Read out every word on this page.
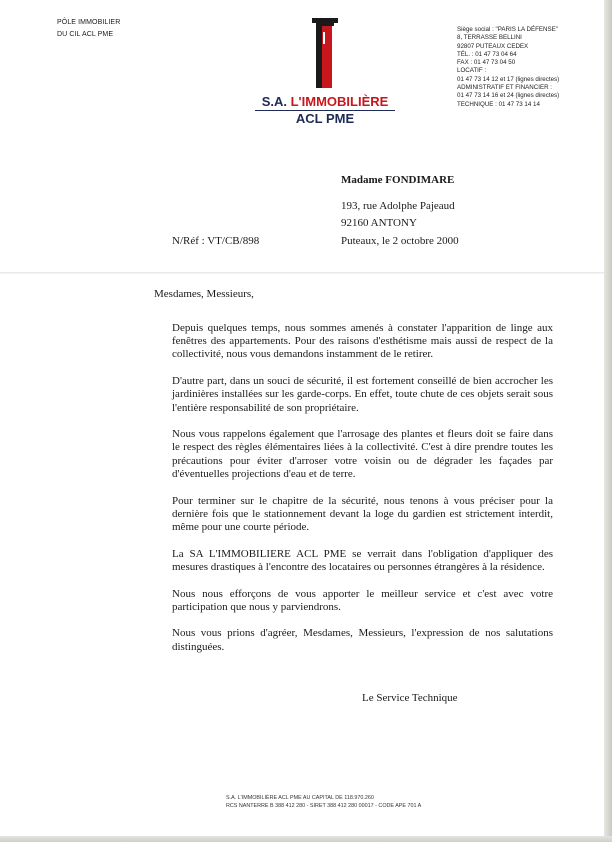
PÔLE IMMOBILIER
DU CIL ACL PME
S.A. L'IMMOBILIÈRE
ACL PME
Siège social : "PARIS LA DÉFENSE"
8, TERRASSE BELLINI
92807 PUTEAUX CEDEX
TÉL. : 01 47 73 04 64
FAX : 01 47 73 04 50
LOCATIF :
01 47 73 14 12 et 17 (lignes directes)
ADMINISTRATIF ET FINANCIER :
01 47 73 14 16 et 24 (lignes directes)
TECHNIQUE : 01 47 73 14 14
Madame FONDIMARE
193, rue Adolphe Pajeaud
92160 ANTONY
N/Réf : VT/CB/898	Puteaux, le 2 octobre 2000
Mesdames, Messieurs,

Depuis quelques temps, nous sommes amenés à constater l'apparition de linge aux fenêtres des appartements. Pour des raisons d'esthétisme mais aussi de respect de la collectivité, nous vous demandons instamment de le retirer.

D'autre part, dans un souci de sécurité, il est fortement conseillé de bien accrocher les jardinières installées sur les garde-corps. En effet, toute chute de ces objets serait sous l'entière responsabilité de son propriétaire.

Nous vous rappelons également que l'arrosage des plantes et fleurs doit se faire dans le respect des règles élémentaires liées à la collectivité. C'est à dire prendre toutes les précautions pour éviter d'arroser votre voisin ou de dégrader les façades par d'éventuelles projections d'eau et de terre.

Pour terminer sur le chapitre de la sécurité, nous tenons à vous préciser pour la dernière fois que le stationnement devant la loge du gardien est strictement interdit, même pour une courte période.

La SA L'IMMOBILIERE ACL PME se verrait dans l'obligation d'appliquer des mesures drastiques à l'encontre des locataires ou personnes étrangères à la résidence.

Nous nous efforçons de vous apporter le meilleur service et c'est avec votre participation que nous y parviendrons.

Nous vous prions d'agréer, Mesdames, Messieurs, l'expression de nos salutations distinguées.

Le Service Technique
S.A. L'IMMOBILIÈRE ACL PME AU CAPITAL DE 118.970.260
RCS NANTERRE B 388 412 280 - SIRET 388 412 280 00017 - CODE APE 701 A
